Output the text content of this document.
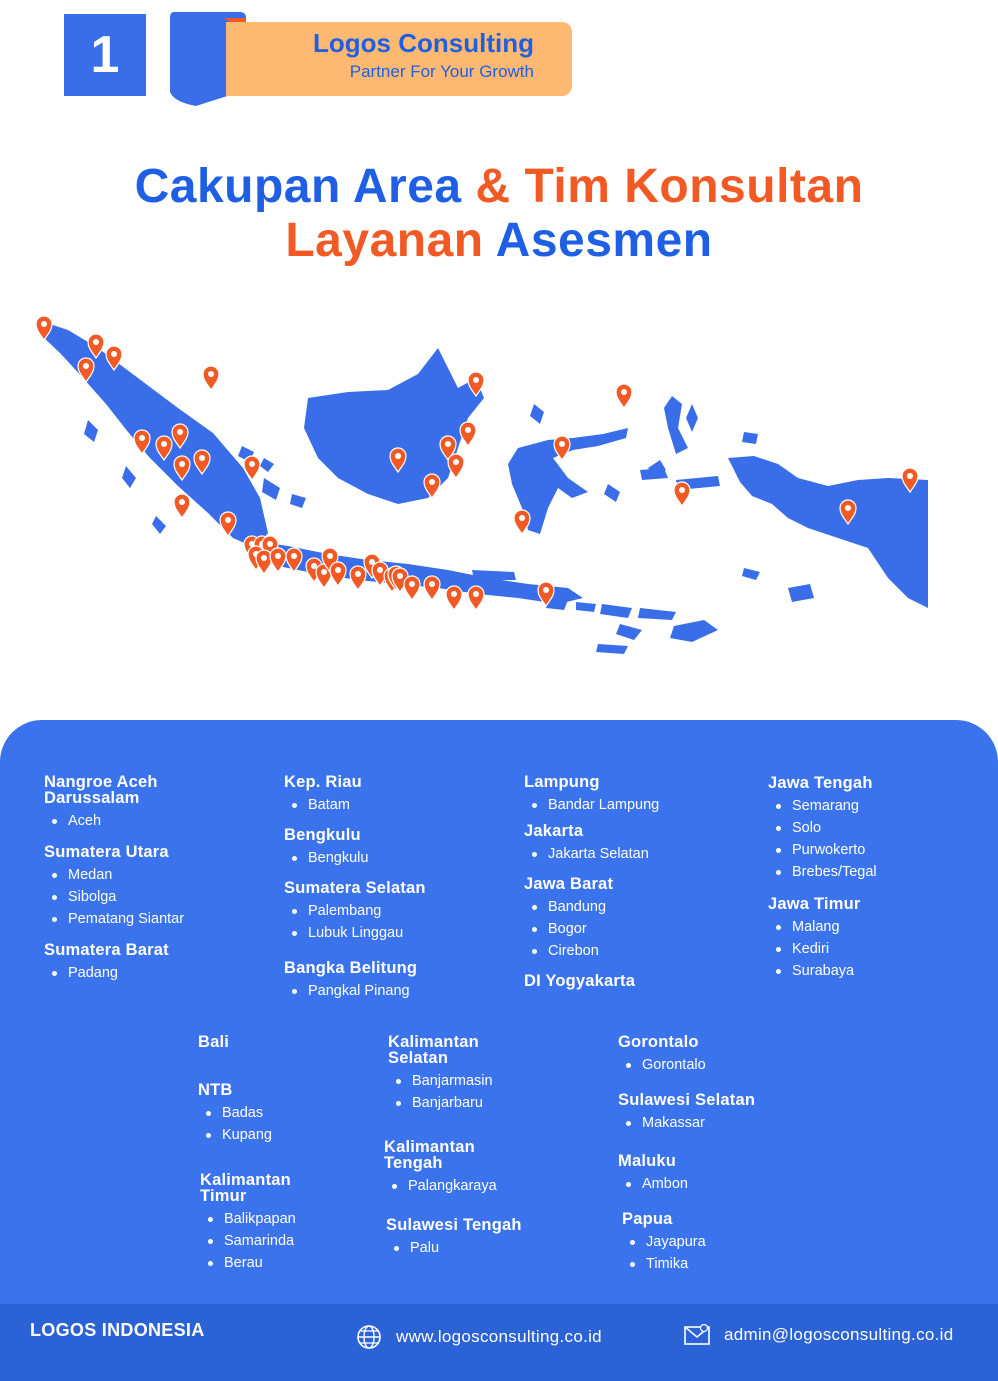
1	Logos Consulting
Partner For Your Growth
Cakupan Area & Tim Konsultan
Layanan Asesmen
Nangroe Aceh Darussalam
Aceh
Sumatera Utara
Medan
Sibolga
Pematang Siantar
Sumatera Barat
Padang
Kep. Riau
Batam
Bengkulu
Bengkulu
Sumatera Selatan
Palembang
Lubuk Linggau
Bangka Belitung
Pangkal Pinang
Lampung
Bandar Lampung
Jakarta
Jakarta Selatan
Jawa Barat
Bandung
Bogor
Cirebon
DI Yogyakarta
Jawa Tengah
Semarang
Solo
Purwokerto
Brebes/Tegal
Jawa Timur
Malang
Kediri
Surabaya
Bali
NTB
Badas
Kupang
Kalimantan Timur
Balikpapan
Samarinda
Berau
Kalimantan Selatan
Banjarmasin
Banjarbaru
Kalimantan Tengah
Palangkaraya
Sulawesi Tengah
Palu
Gorontalo
Gorontalo
Sulawesi Selatan
Makassar
Maluku
Ambon
Papua
Jayapura
Timika
LOGOS INDONESIA	www.logosconsulting.co.id	admin@logosconsulting.co.id
